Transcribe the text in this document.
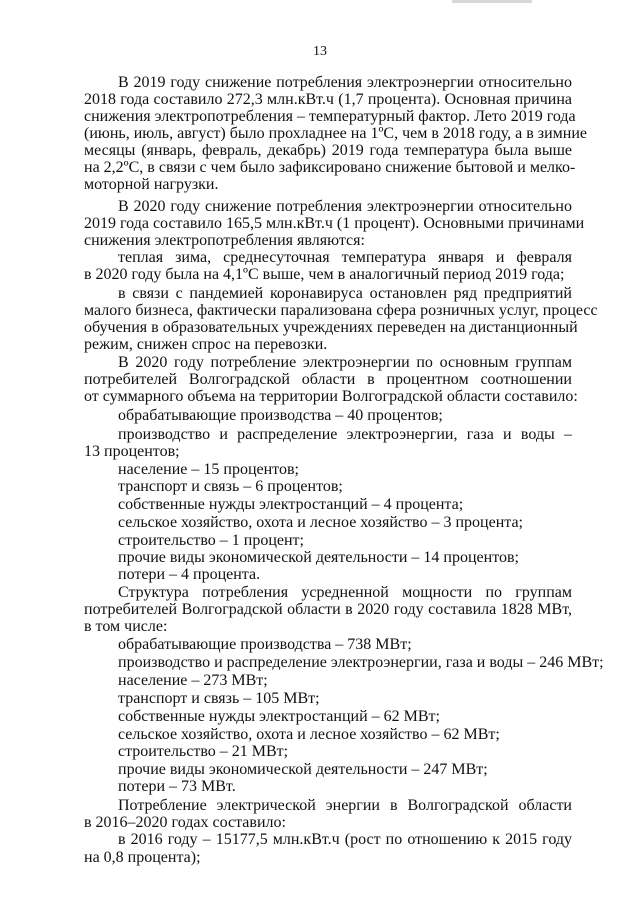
13
В 2019 году снижение потребления электроэнергии относительно
2018 года составило 272,3 млн.кВт.ч (1,7 процента). Основная причина
снижения электропотребления – температурный фактор. Лето 2019 года
(июнь, июль, август) было прохладнее на 1ºС, чем в 2018 году, а в зимние
месяцы (январь, февраль, декабрь) 2019 года температура была выше
на 2,2ºС, в связи с чем было зафиксировано снижение бытовой и мелко-
моторной нагрузки.
В 2020 году снижение потребления электроэнергии относительно
2019 года составило 165,5 млн.кВт.ч (1 процент). Основными причинами
снижения электропотребления являются:
теплая зима, среднесуточная температура января и февраля
в 2020 году была на 4,1ºС выше, чем в аналогичный период 2019 года;
в связи с пандемией коронавируса остановлен ряд предприятий
малого бизнеса, фактически парализована сфера розничных услуг, процесс
обучения в образовательных учреждениях переведен на дистанционный
режим, снижен спрос на перевозки.
В 2020 году потребление электроэнергии по основным группам
потребителей Волгоградской области в процентном соотношении
от суммарного объема на территории Волгоградской области составило:
обрабатывающие производства – 40 процентов;
производство и распределение электроэнергии, газа и воды –
13 процентов;
население – 15 процентов;
транспорт и связь – 6 процентов;
собственные нужды электростанций – 4 процента;
сельское хозяйство, охота и лесное хозяйство – 3 процента;
строительство – 1 процент;
прочие виды экономической деятельности – 14 процентов;
потери – 4 процента.
Структура потребления усредненной мощности по группам
потребителей Волгоградской области в 2020 году составила 1828 МВт,
в том числе:
обрабатывающие производства – 738 МВт;
производство и распределение электроэнергии, газа и воды – 246 МВт;
население – 273 МВт;
транспорт и связь – 105 МВт;
собственные нужды электростанций – 62 МВт;
сельское хозяйство, охота и лесное хозяйство – 62 МВт;
строительство – 21 МВт;
прочие виды экономической деятельности – 247 МВт;
потери – 73 МВт.
Потребление электрической энергии в Волгоградской области
в 2016–2020 годах составило:
в 2016 году – 15177,5 млн.кВт.ч (рост по отношению к 2015 году
на 0,8 процента);
